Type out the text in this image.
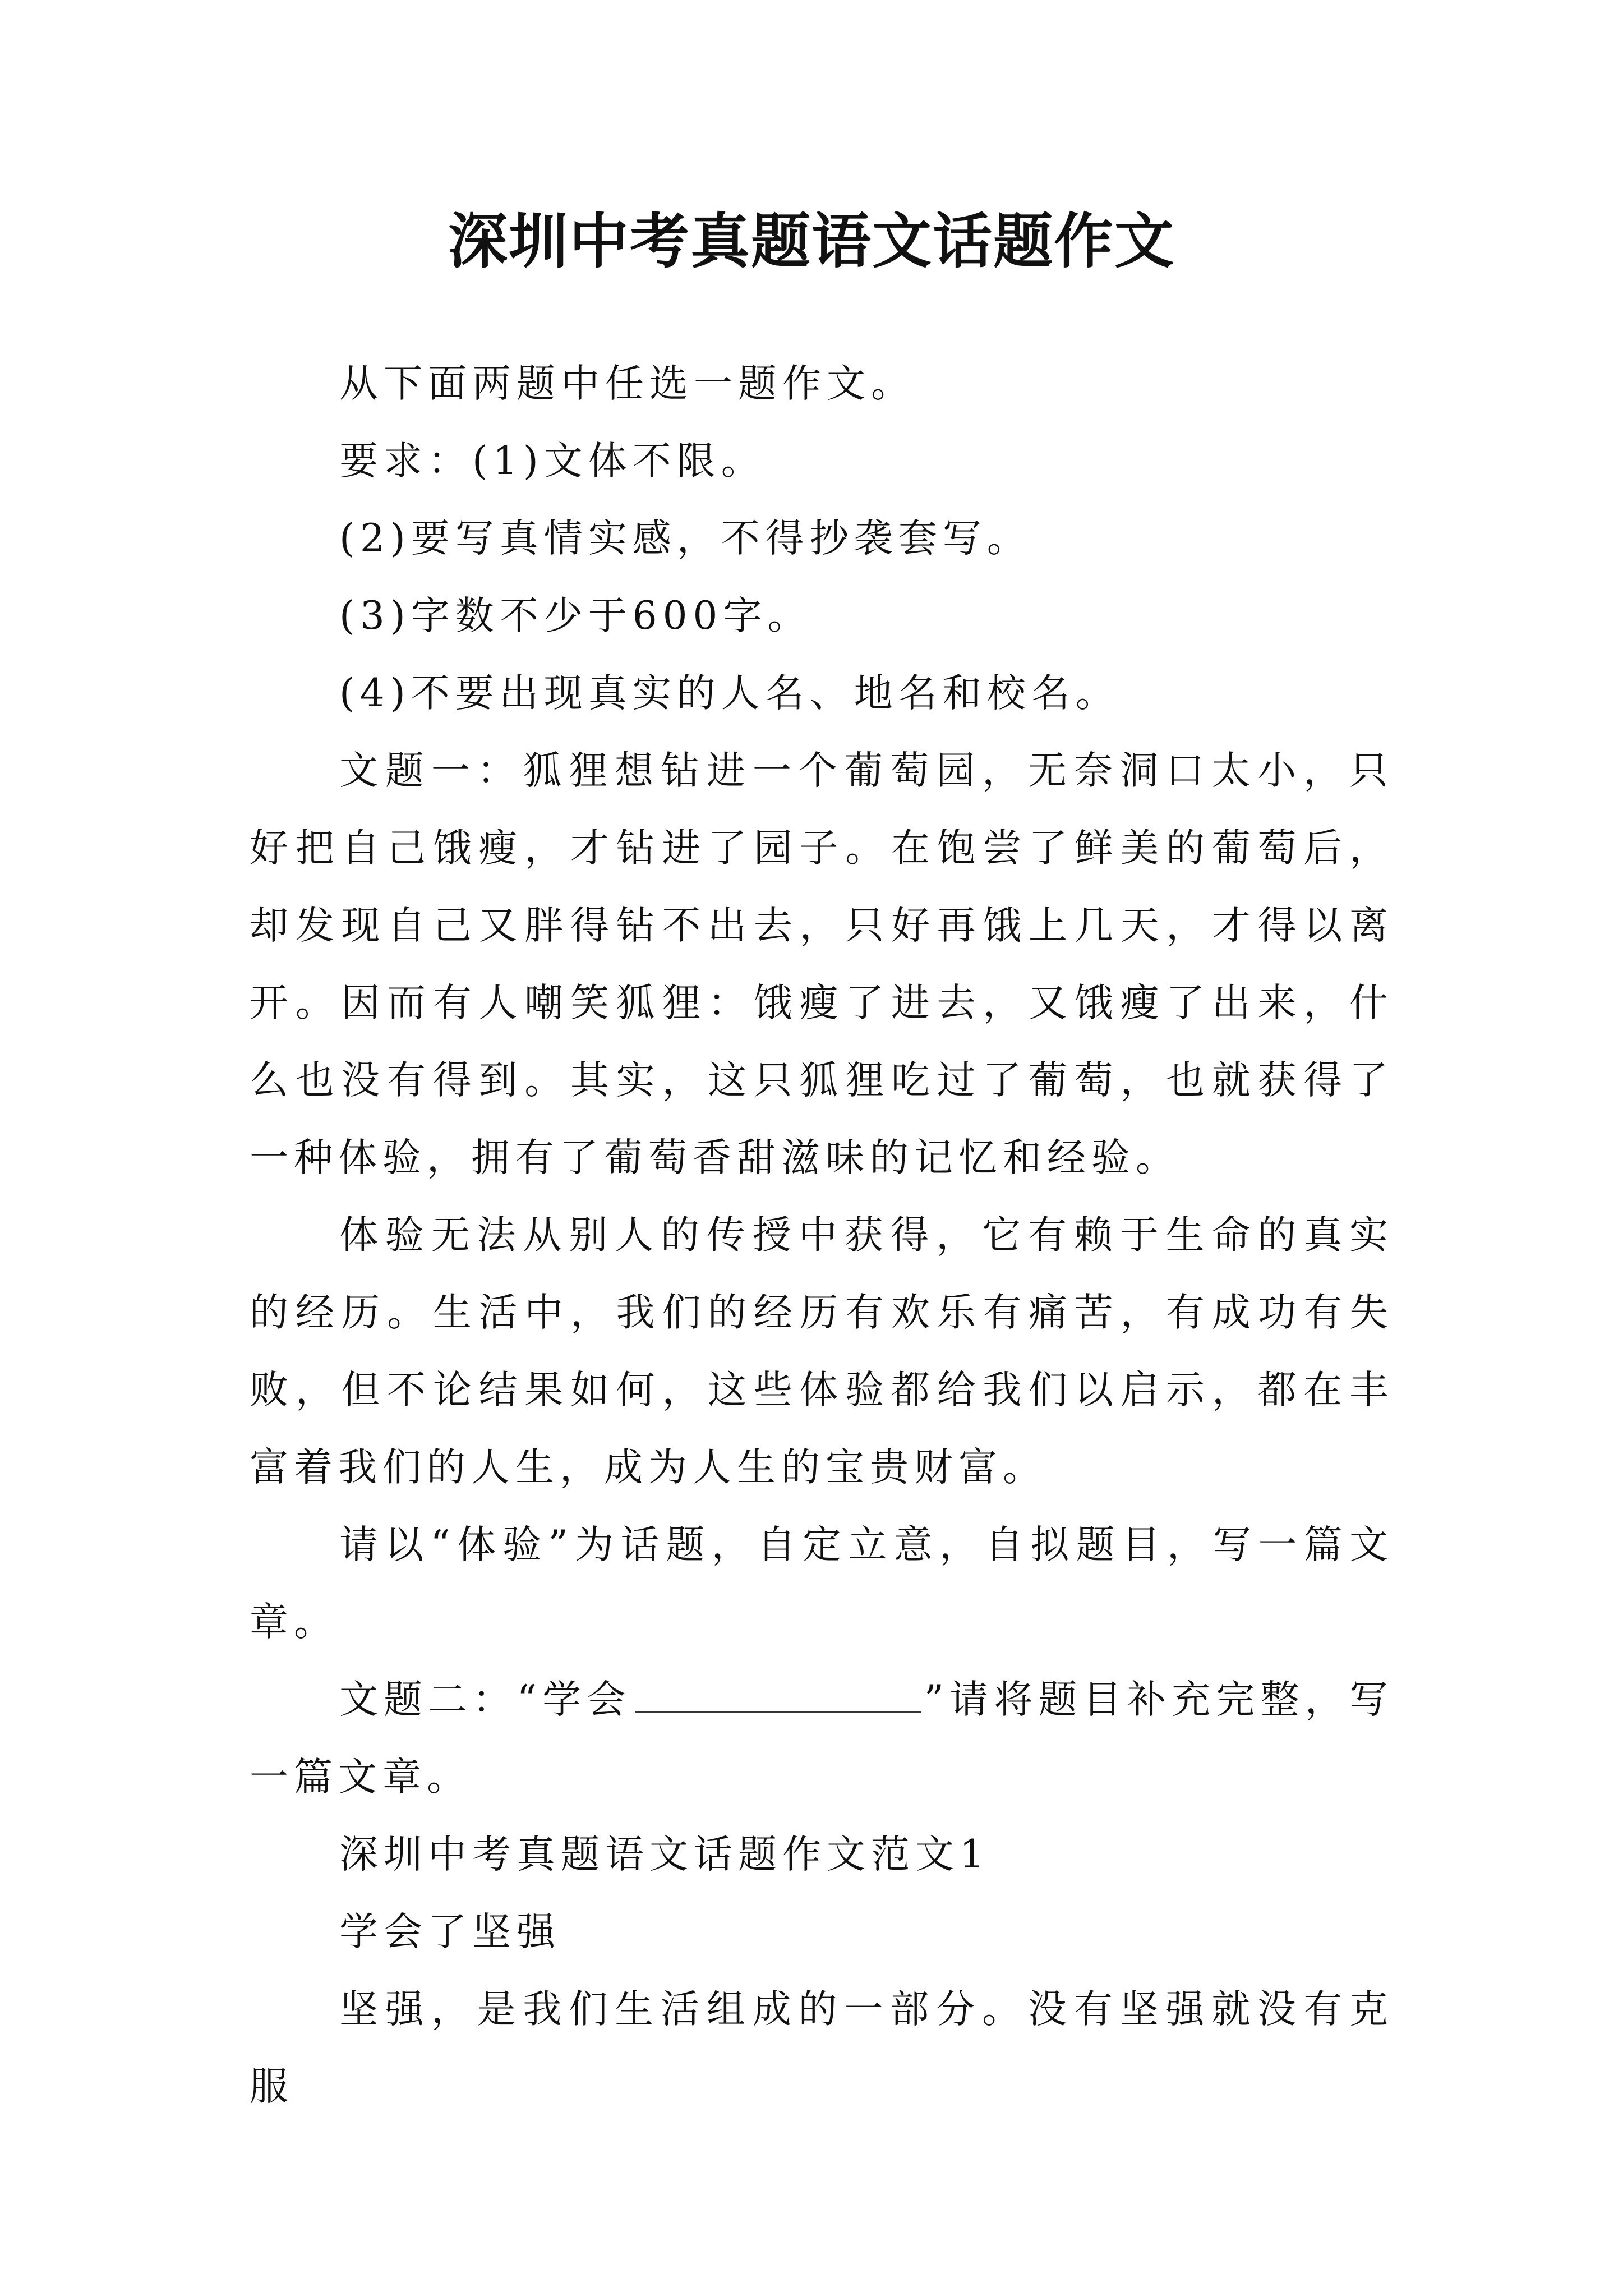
深圳中考真题语文话题作文

从下面两题中任选一题作文。

要求：(1)文体不限。

(2)要写真情实感，不得抄袭套写。

(3)字数不少于600字。

(4)不要出现真实的人名、地名和校名。

文题一：狐狸想钻进一个葡萄园，无奈洞口太小，只好把自己饿瘦，才钻进了园子。在饱尝了鲜美的葡萄后，却发现自己又胖得钻不出去，只好再饿上几天，才得以离开。因而有人嘲笑狐狸：饿瘦了进去，又饿瘦了出来，什么也没有得到。其实，这只狐狸吃过了葡萄，也就获得了一种体验，拥有了葡萄香甜滋味的记忆和经验。

体验无法从别人的传授中获得，它有赖于生命的真实的经历。生活中，我们的经历有欢乐有痛苦，有成功有失败，但不论结果如何，这些体验都给我们以启示，都在丰富着我们的人生，成为人生的宝贵财富。

请以“体验”为话题，自定立意，自拟题目，写一篇文章。

文题二：“学会	”请将题目补充完整，写一篇文章。

深圳中考真题语文话题作文范文1

学会了坚强

坚强，是我们生活组成的一部分。没有坚强就没有克服
